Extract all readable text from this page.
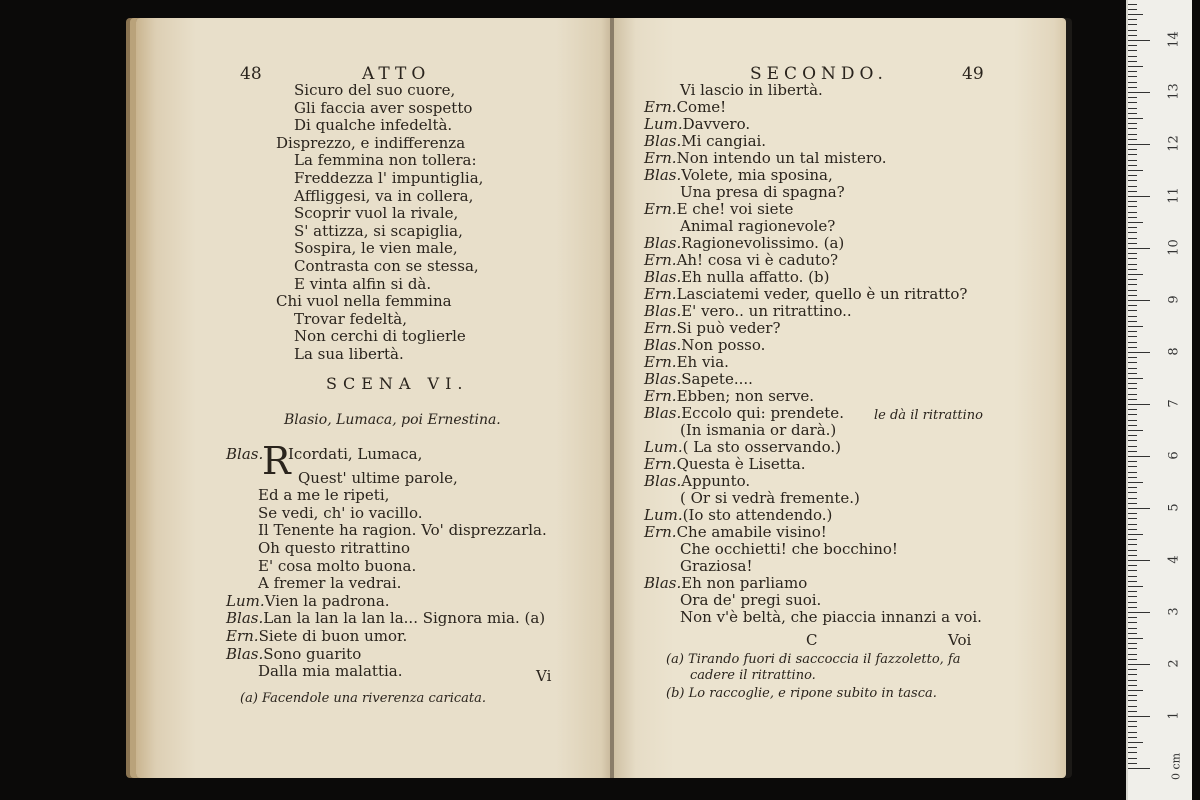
48	ATTO
Sicuro del suo cuore,
Gli faccia aver sospetto
Di qualche infedeltà.
Disprezzo, e indifferenza
La femmina non tollera:
Freddezza l' impuntiglia,
Affliggesi, va in collera,
Scoprir vuol la rivale,
S' attizza, si scapiglia,
Sospira, le vien male,
Contrasta con se stessa,
E vinta alfin si dà.
Chi vuol nella femmina
Trovar fedeltà,
Non cerchi di toglierle
La sua libertà.
SCENA VI.
Blasio, Lumaca, poi Ernestina.
R
Blas. Icordati, Lumaca,
Quest' ultime parole,
Ed a me le ripeti,
Se vedi, ch' io vacillo.
Il Tenente ha ragion. Vo' disprezzarla.
Oh questo ritrattino
E' cosa molto buona.
A fremer la vedrai.
Lum.Vien la padrona.
Blas.Lan la lan la lan la... Signora mia. (a)
Ern.Siete di buon umor.
Blas.Sono guarito
Dalla mia malattia.	Vi
(a) Facendole una riverenza caricata.
SECONDO.	49
Vi lascio in libertà.
Ern.Come!
Lum.Davvero.
Blas.Mi cangiai.
Ern.Non intendo un tal mistero.
Blas.Volete, mia sposina,
Una presa di spagna?
Ern.E che! voi siete
Animal ragionevole?
Blas.Ragionevolissimo. (a)
Ern.Ah! cosa vi è caduto?
Blas.Eh nulla affatto. (b)
Ern.Lasciatemi veder, quello è un ritratto?
Blas.E' vero.. un ritrattino..
Ern.Si può veder?
Blas.Non posso.
Ern.Eh via.
Blas.Sapete....
Ern.Ebben; non serve.
Blas.Eccolo qui: prendete. le dà il ritrattino
(In ismania or darà.)
Lum.( La sto osservando.)
Ern.Questa è Lisetta.
Blas.Appunto.
( Or si vedrà fremente.)
Lum.(Io sto attendendo.)
Ern.Che amabile visino!
Che occhietti! che bocchino!
Graziosa!
Blas.Eh non parliamo
Ora de' pregi suoi.
Non v'è beltà, che piaccia innanzi a voi.
C	Voi
(a) Tirando fuori di saccoccia il fazzoletto, fa
cadere il ritrattino.
(b) Lo raccoglie, e ripone subito in tasca.
1
2
3
4
5
6
7
8
9
10
11
12
13
14
0 cm
